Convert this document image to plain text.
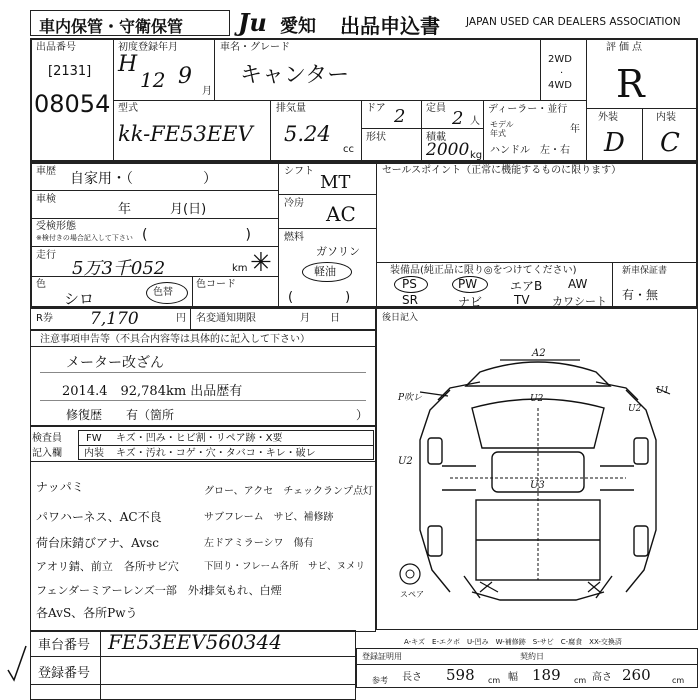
車内保管・守衛保管 Ju 愛知 出品申込書 JAPAN USED CAR DEALERS ASSOCIATION
出品番号
[2131]
08054
初度登録年月
H
12 9
月
車名・グレード
キャンター
2WD
·
4WD
評価点
R
外装	内装
D C
型式
kk-FE53EEV
排気量
5.24
cc
ドア 2
形状
定員 2 人
積載
2000 kg
ディーラー・並行
モデル年式	年
ハンドル　左・右
車歴 自家用・（　　　　　）
車検
年　　　月(日)
受検形態
※検付きの場合記入して下さい (　　　　　　　)
走行
5万3千052	km ✳
色
シロ	色替
色コード
シフト
MT
冷房 AC
燃料
ガソリン
軽油
(　　　　)
セールスポイント（正常に機能するものに限ります）
装備品(純正品に限り◎をつけてください)
PS	PW	エアB AW
SR	ナビ	TV カワシート
新車保証書
有・無
R券 7,170	円 名変通知期限	月　　日	後日記入
注意事項申告等（不具合内容等は具体的に記入して下さい）
メーター改ざん
2014.4　92,784km 出品歴有
修復歴　　有（箇所	）
検査員
記入欄
FW キズ・凹み・ヒビ割・リペア跡・X要
内装 キズ・汚れ・コゲ・穴・タバコ・キレ・破レ
ナッパミ
パワハーネス、AC不良
荷台床錆びアナ、Avsc
アオリ錆、前立　各所サビ穴
フェンダーミアーレンズ一部　外れ
各AvS、各所Pwう
グロー、アクセ　チェックランプ点灯
サブフレーム　サビ、補修跡
左ドアミラーシワ　傷有
下回り・フレーム各所　サビ、ヌメリ
排気もれ、白煙
A2
P吹レ	U2
U2
U1
U2
U3
スペア
A-キズ　E-エクボ　U-凹み　W-補修跡　S-サビ　C-腐食　XX-交換済
車台番号 FE53EEV560344
登録番号
登録証明用	契約日
参考 長さ 598 cm 幅 189 cm 高さ 260	cm
